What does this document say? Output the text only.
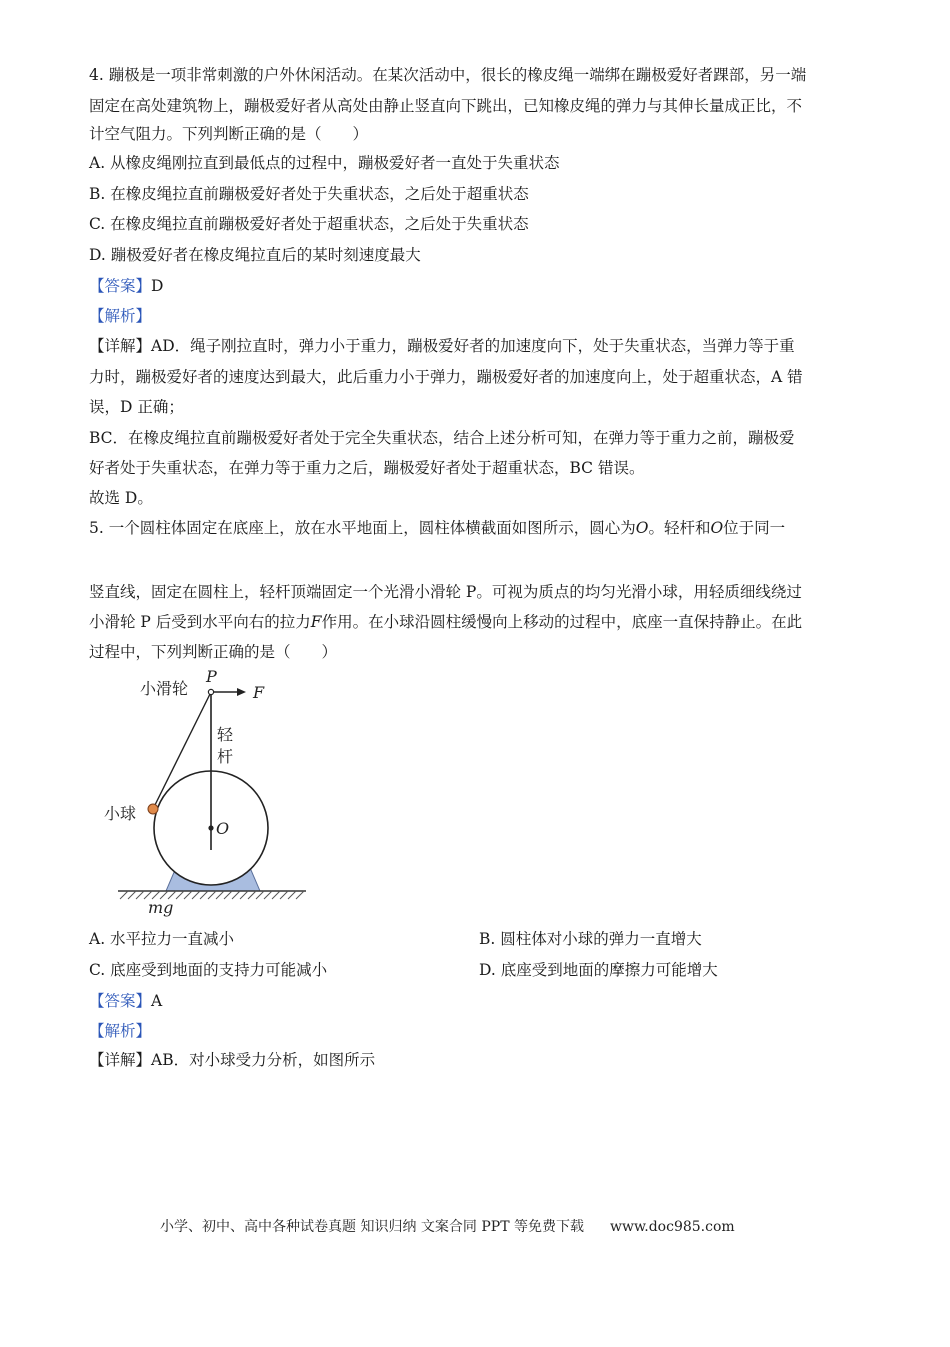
4. 蹦极是一项非常刺激的户外休闲活动。在某次活动中，很长的橡皮绳一端绑在蹦极爱好者踝部，另一端
固定在高处建筑物上，蹦极爱好者从高处由静止竖直向下跳出，已知橡皮绳的弹力与其伸长量成正比，不
计空气阻力。下列判断正确的是（　　）
A. 从橡皮绳刚拉直到最低点的过程中，蹦极爱好者一直处于失重状态
B. 在橡皮绳拉直前蹦极爱好者处于失重状态，之后处于超重状态
C. 在橡皮绳拉直前蹦极爱好者处于超重状态，之后处于失重状态
D. 蹦极爱好者在橡皮绳拉直后的某时刻速度最大
【答案】D
【解析】
【详解】AD．绳子刚拉直时，弹力小于重力，蹦极爱好者的加速度向下，处于失重状态，当弹力等于重
力时，蹦极爱好者的速度达到最大，此后重力小于弹力，蹦极爱好者的加速度向上，处于超重状态，A 错
误，D 正确；
BC．在橡皮绳拉直前蹦极爱好者处于完全失重状态，结合上述分析可知，在弹力等于重力之前，蹦极爱
好者处于失重状态，在弹力等于重力之后，蹦极爱好者处于超重状态，BC 错误。
故选 D。
5. 一个圆柱体固定在底座上，放在水平地面上，圆柱体横截面如图所示，圆心为O。轻杆和O位于同一
竖直线，固定在圆柱上，轻杆顶端固定一个光滑小滑轮 P。可视为质点的均匀光滑小球，用轻质细线绕过
小滑轮 P 后受到水平向右的拉力F作用。在小球沿圆柱缓慢向上移动的过程中，底座一直保持静止。在此
过程中，下列判断正确的是（　　）
小滑轮
P
F
轻
杆
小球
O
mg
A. 水平拉力一直减小	B. 圆柱体对小球的弹力一直增大
C. 底座受到地面的支持力可能减小	D. 底座受到地面的摩擦力可能增大
【答案】A
【解析】
【详解】AB．对小球受力分析，如图所示
小学、初中、高中各种试卷真题 知识归纳 文案合同 PPT 等免费下载 www.doc985.com
